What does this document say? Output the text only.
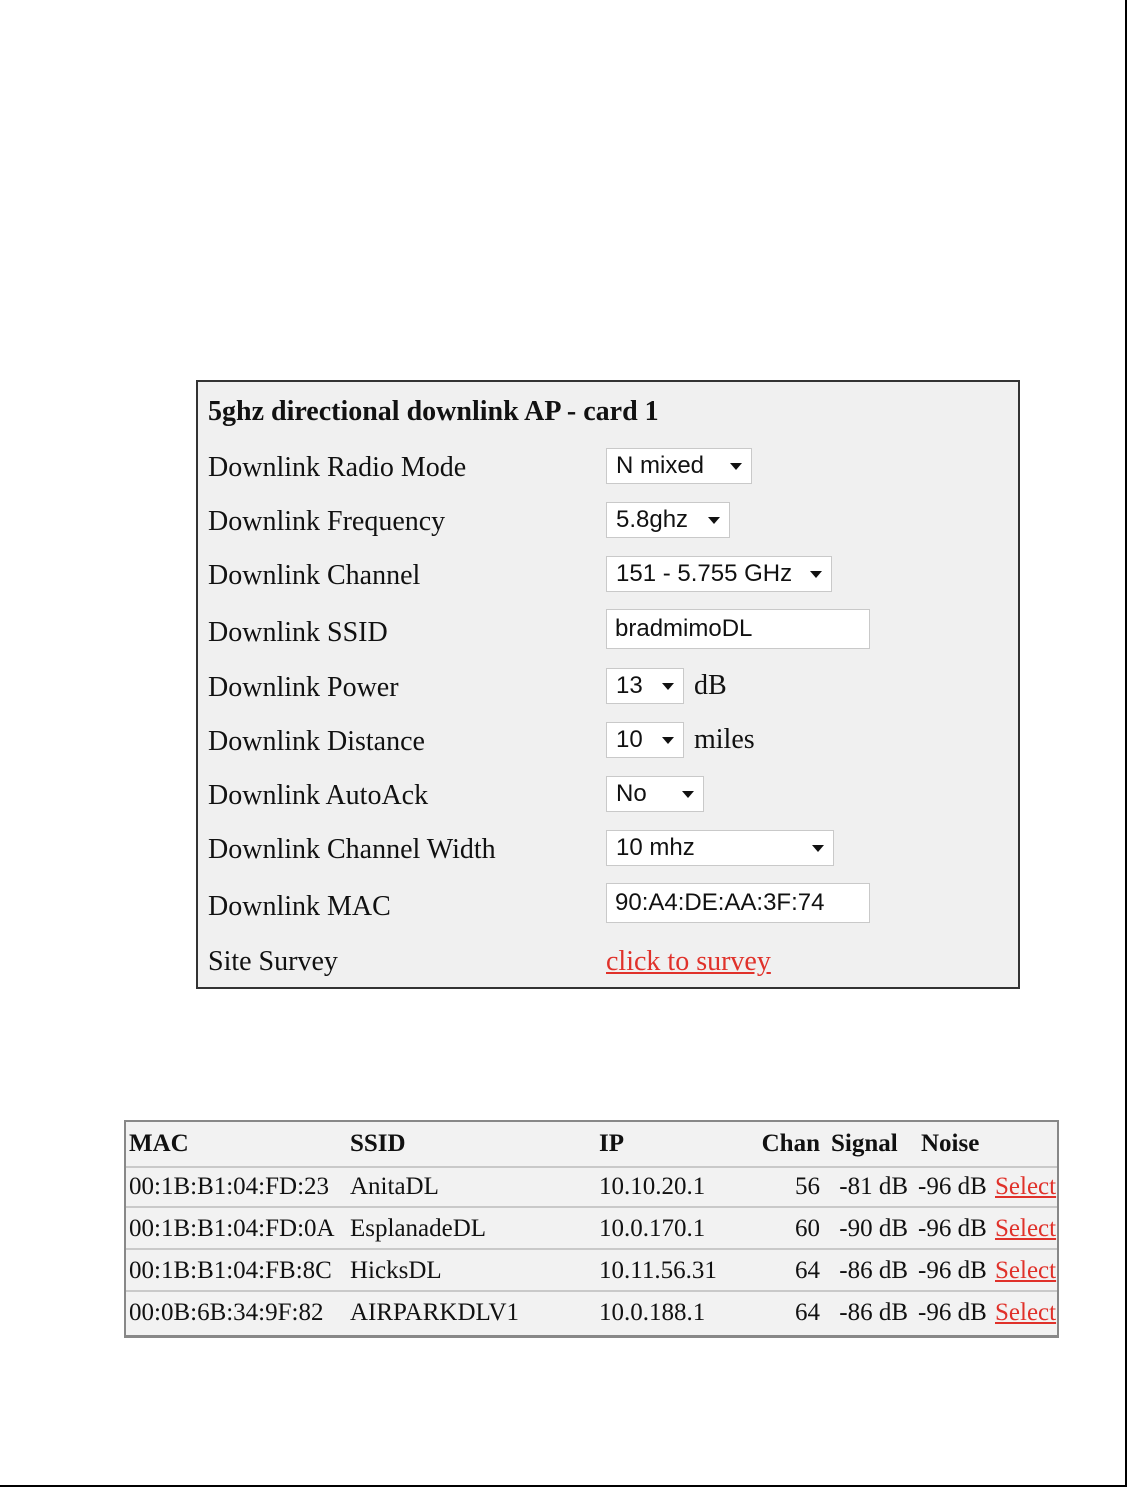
5ghz directional downlink AP - card 1
Downlink Radio Mode	N mixed
Downlink Frequency	5.8ghz
Downlink Channel	151 - 5.755 GHz
Downlink SSID	bradmimoDL
Downlink Power	13 dB
Downlink Distance	10 miles
Downlink AutoAck	No
Downlink Channel Width	10 mhz
Downlink MAC	90:A4:DE:AA:3F:74
Site Survey	click to survey
MAC	SSID	IP	Chan Signal Noise
00:1B:B1:04:FD:23 AnitaDL	10.10.20.1	56 -81 dB -96 dB Select
00:1B:B1:04:FD:0A EsplanadeDL	10.0.170.1	60 -90 dB -96 dB Select
00:1B:B1:04:FB:8C HicksDL	10.11.56.31	64 -86 dB -96 dB Select
00:0B:6B:34:9F:82 AIRPARKDLV1	10.0.188.1	64 -86 dB -96 dB Select
